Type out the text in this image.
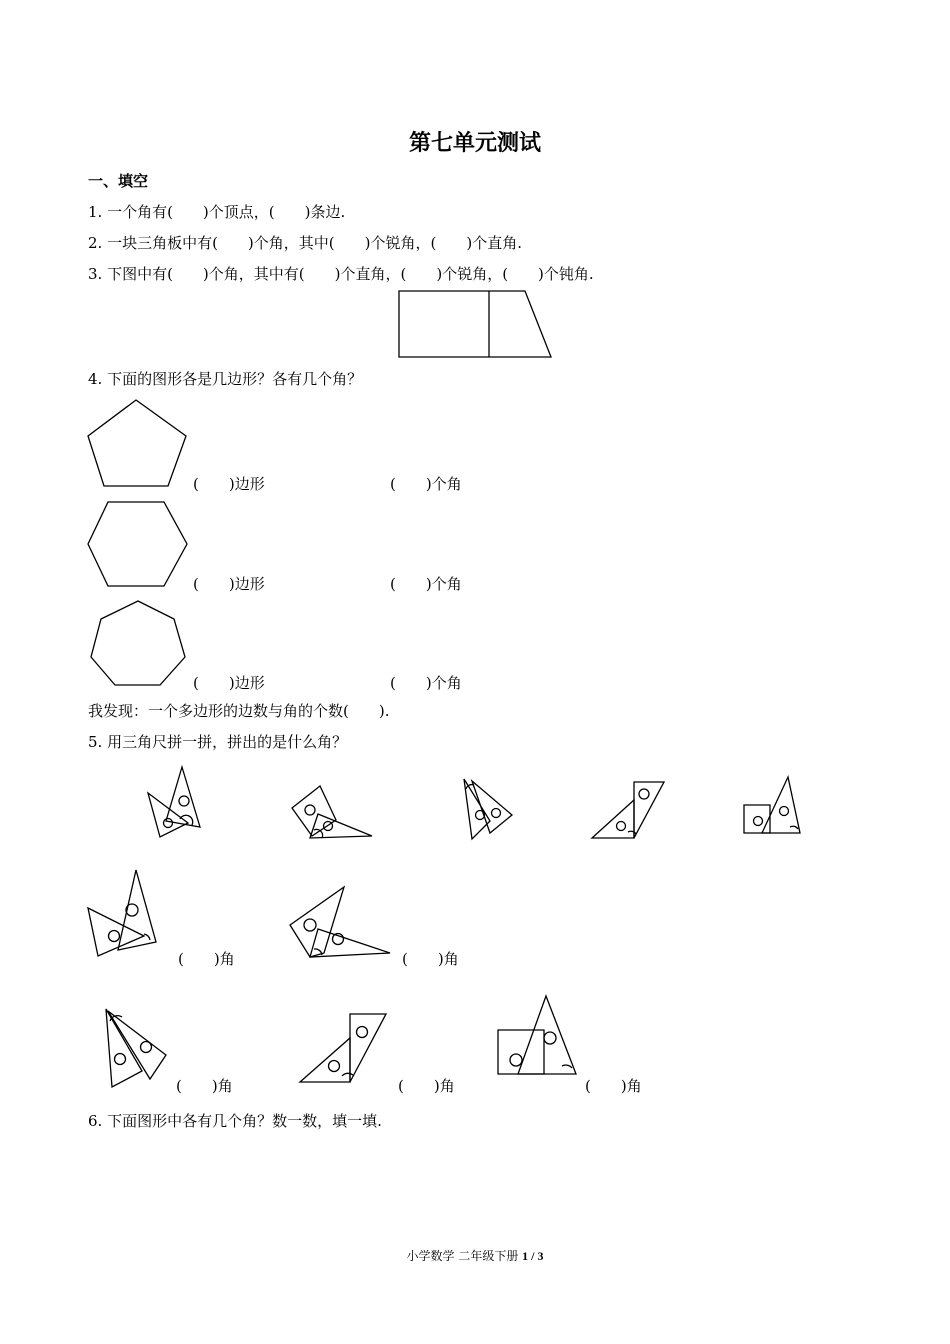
第七单元测试
一、填空
1. 一个角有(　　)个顶点，(　　)条边.
2. 一块三角板中有(　　)个角，其中(　　)个锐角，(　　)个直角.
3. 下图中有(　　)个角，其中有(　　)个直角，(　　)个锐角，(　　)个钝角.
4. 下面的图形各是几边形？各有几个角？
(　　)边形	(　　)个角
(　　)边形	(　　)个角
(　　)边形	(　　)个角
我发现：一个多边形的边数与角的个数(　　).
5. 用三角尺拼一拼，拼出的是什么角？
(　　)角	(　　)角
(　　)角	(　　)角	(　　)角
6. 下面图形中各有几个角？数一数，填一填.
小学数学 二年级下册 1 / 3
